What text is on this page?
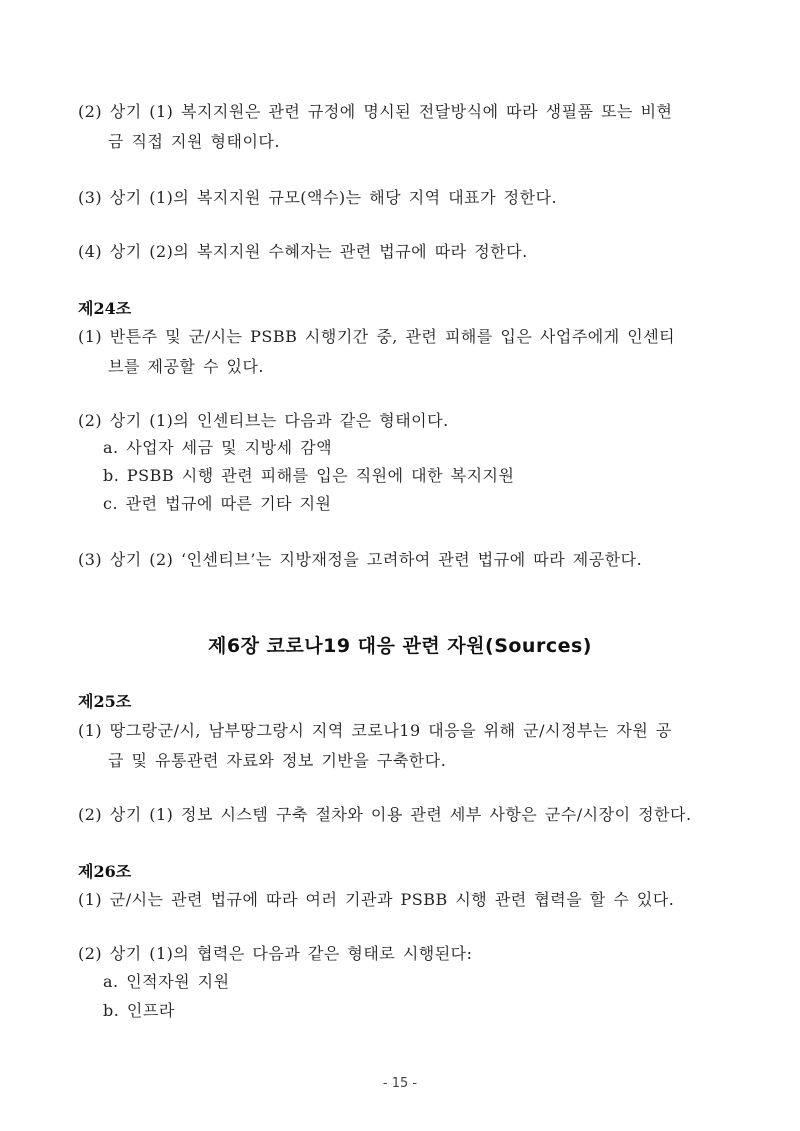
(2) 상기 (1) 복지지원은 관련 규정에 명시된 전달방식에 따라 생필품 또는 비현
금 직접 지원 형태이다.
(3) 상기 (1)의 복지지원 규모(액수)는 해당 지역 대표가 정한다.
(4) 상기 (2)의 복지지원 수혜자는 관련 법규에 따라 정한다.
제24조
(1) 반튼주 및 군/시는 PSBB 시행기간 중, 관련 피해를 입은 사업주에게 인센티
브를 제공할 수 있다.
(2) 상기 (1)의 인센티브는 다음과 같은 형태이다.
a. 사업자 세금 및 지방세 감액
b. PSBB 시행 관련 피해를 입은 직원에 대한 복지지원
c. 관련 법규에 따른 기타 지원
(3) 상기 (2) ‘인센티브’는 지방재정을 고려하여 관련 법규에 따라 제공한다.
제6장 코로나19 대응 관련 자원(Sources)
제25조
(1) 땅그랑군/시, 남부땅그랑시 지역 코로나19 대응을 위해 군/시정부는 자원 공
급 및 유통관련 자료와 정보 기반을 구축한다.
(2) 상기 (1) 정보 시스템 구축 절차와 이용 관련 세부 사항은 군수/시장이 정한다.
제26조
(1) 군/시는 관련 법규에 따라 여러 기관과 PSBB 시행 관련 협력을 할 수 있다.
(2) 상기 (1)의 협력은 다음과 같은 형태로 시행된다:
a. 인적자원 지원
b. 인프라
- 15 -
